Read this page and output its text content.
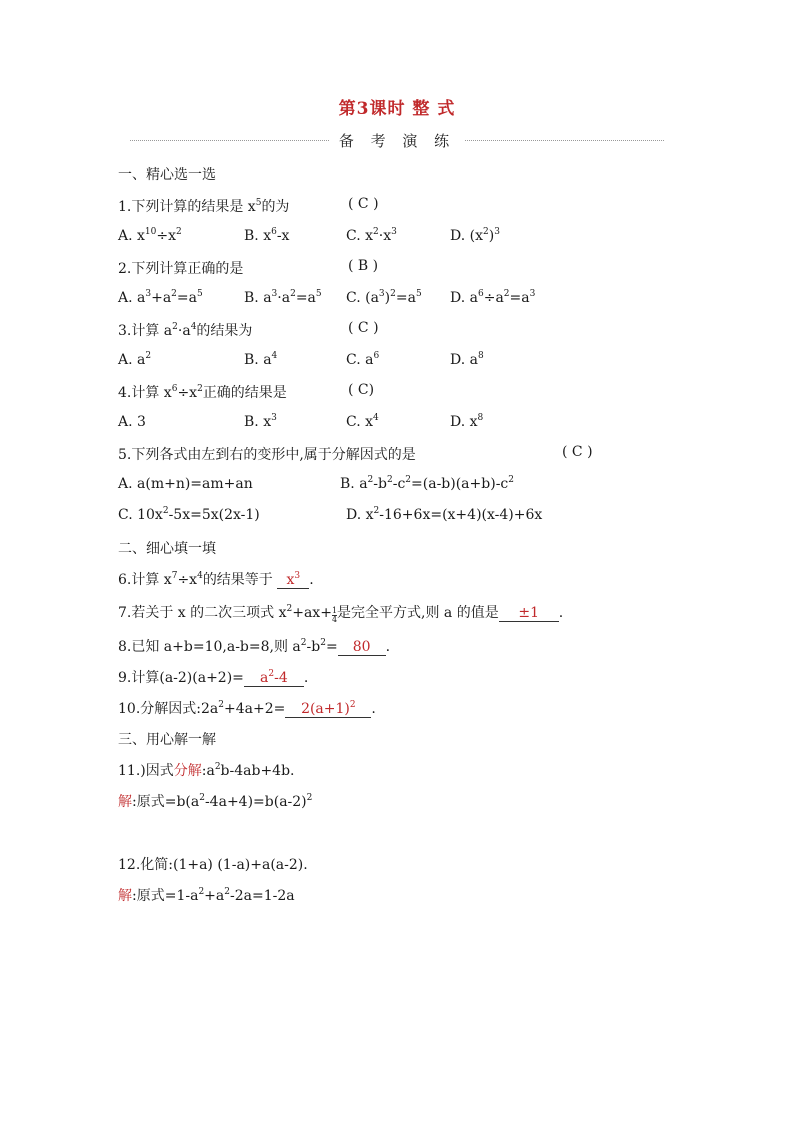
第3课时 整 式
备 考 演 练
一、精心选一选
1.下列计算的结果是 $x^5$的为	( C )
A. $x^{10}\div x^2$	B. $x^6-x$	C. $x^2\cdot x^3$	D. $(x^2)^3$
2.下列计算正确的是	( B )
A. $a^3+a^2=a^5$	B. $a^3\cdot a^2=a^5$ C. $(a^3)^2=a^5$ D. $a^6\div a^2=a^3$
3.计算 $a^2\cdot a^4$的结果为	( C )
A. $a^2$	B. $a^4$	C. $a^6$	D. $a^8$
4.计算 $x^6\div x^2$正确的结果是	( C)
A. 3	B. $x^3$	C. $x^4$	D. $x^8$
5.下列各式由左到右的变形中,属于分解因式的是	( C )
A. a(m+n)=am+an	B. $a^2-b^2-c^2=(a-b)(a+b)-c^2$
C. $10x^2-5x=5x(2x-1)$	D. $x^2-16+6x=(x+4)(x-4)+6x$
二、细心填一填
6.计算 $x^7\div x^4$的结果等于 $x^3$ .
7.若关于 x 的二次三项式 $x^2+ax+ \frac{1}{4}$ 是完全平方式,则 a 的值是 ±1 .
8.已知 a+b=10,a-b=8,则 $a^2-b^2= 80$ .
9.计算$(a-2)(a+2)= a^2-4$ .
10.分解因式$:2a^2+4a+2= 2(a+1)^2$ .
三、用心解一解
11.)因式分解$:a^2b-4ab+4b$.
解:原式$=b(a^2-4a+4)=b(a-2)^2$
12.化简:(1+a) (1-a)+a(a-2).
解:原式$=1-a^2+a^2-2a=1-2a$
